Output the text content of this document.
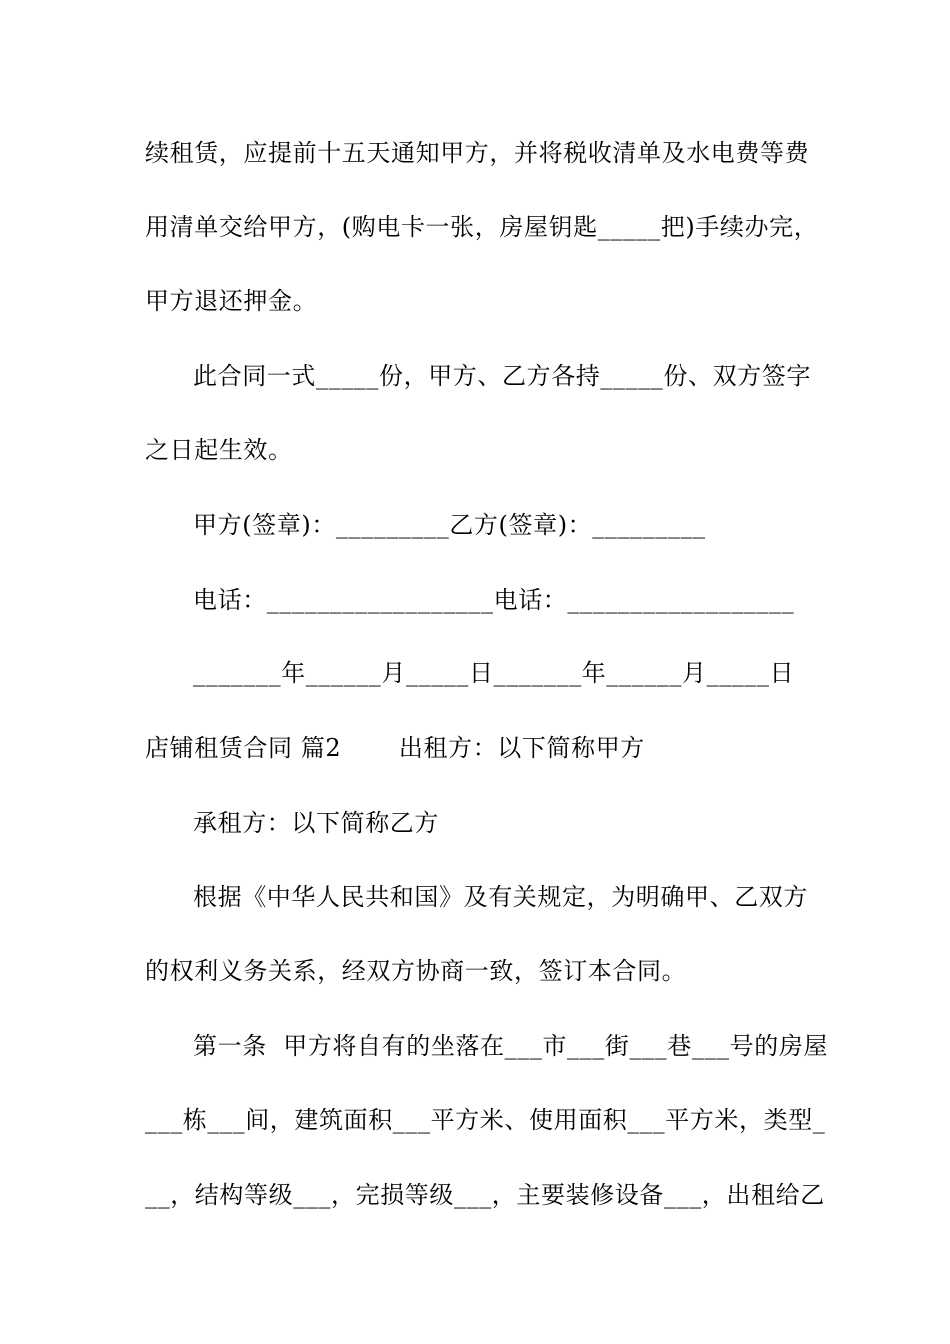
续租赁，应提前十五天通知甲方，并将税收清单及水电费等费
用清单交给甲方，(购电卡一张，房屋钥匙_____把)手续办完，
甲方退还押金。
此合同一式_____份，甲方、乙方各持_____份、双方签字
之日起生效。
甲方(签章)：_________乙方(签章)：_________
电话：__________________电话：__________________
_______年______月_____日_______年______月_____日
店铺租赁合同 篇2       出租方：以下简称甲方
承租方：以下简称乙方
根据《中华人民共和国》及有关规定，为明确甲、乙双方
的权利义务关系，经双方协商一致，签订本合同。
第一条  甲方将自有的坐落在___市___街___巷___号的房屋
___栋___间，建筑面积___平方米、使用面积___平方米，类型_
__，结构等级___，完损等级___，主要装修设备___，出租给乙
